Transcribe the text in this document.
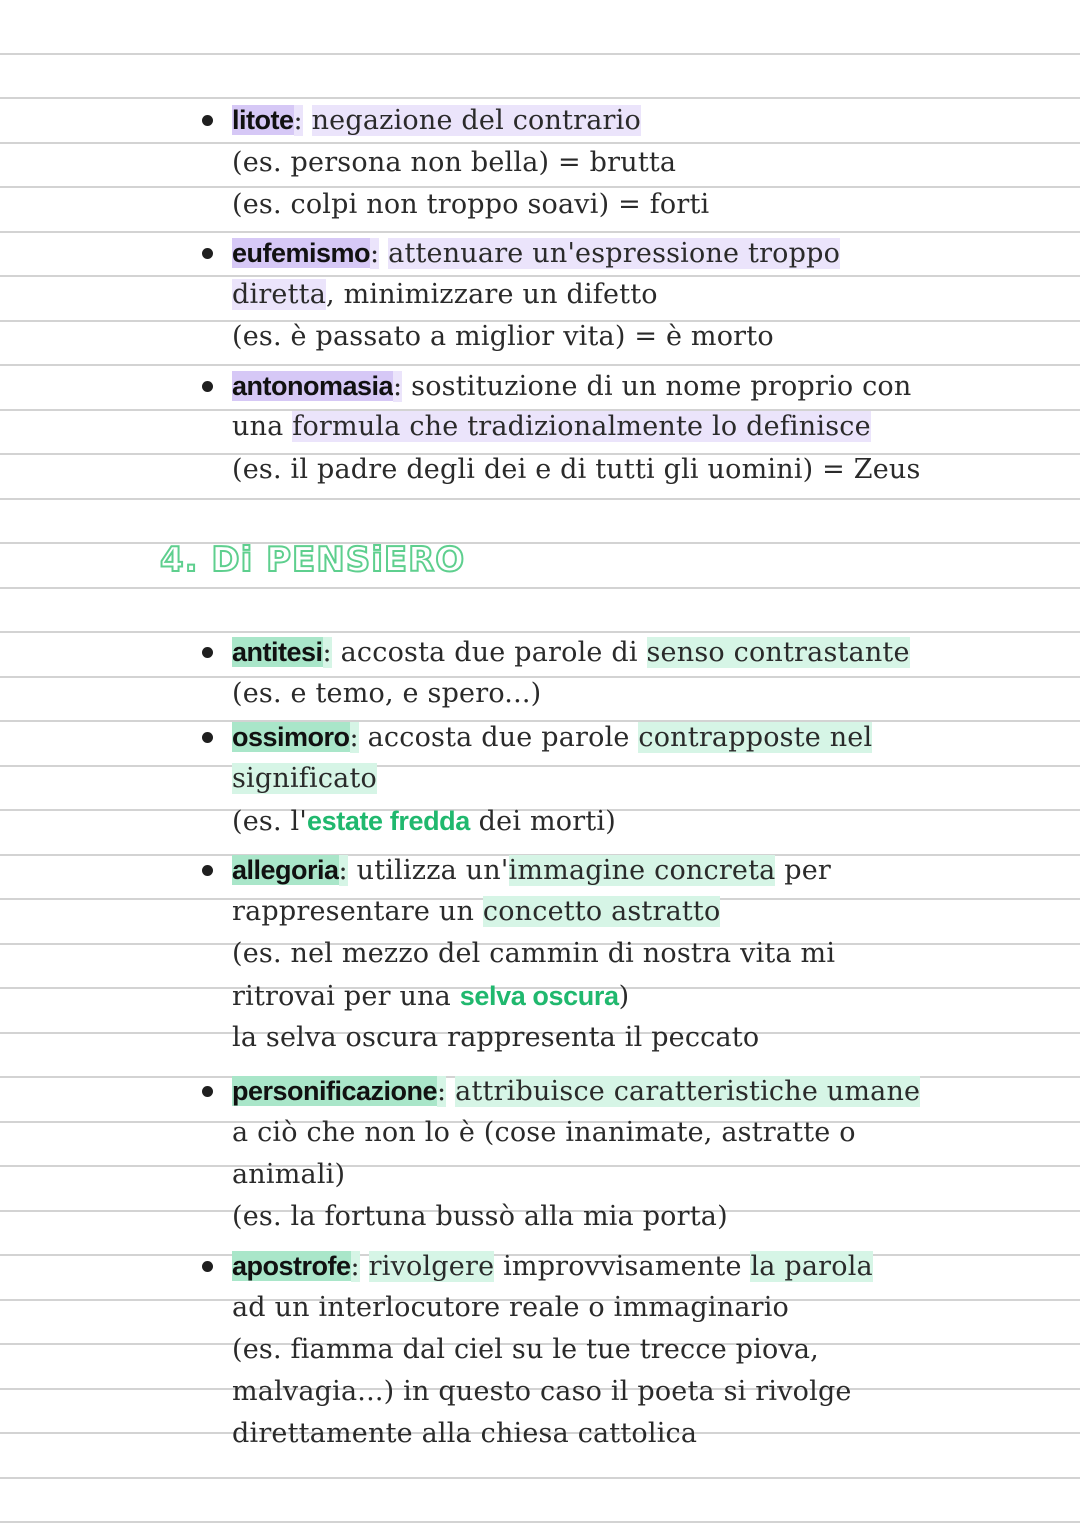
litote: negazione del contrario
(es. persona non bella) = brutta
(es. colpi non troppo soavi) = forti
eufemismo: attenuare un'espressione troppo
diretta, minimizzare un difetto
(es. è passato a miglior vita) = è morto
antonomasia: sostituzione di un nome proprio con
una formula che tradizionalmente lo definisce
(es. il padre degli dei e di tutti gli uomini) = Zeus
4. Di PENSiERO
antitesi: accosta due parole di senso contrastante
(es. e temo, e spero...)
ossimoro: accosta due parole contrapposte nel
significato
(es. l'estate fredda dei morti)
allegoria: utilizza un'immagine concreta per
rappresentare un concetto astratto
(es. nel mezzo del cammin di nostra vita mi
ritrovai per una selva oscura)
la selva oscura rappresenta il peccato
personificazione: attribuisce caratteristiche umane
a ciò che non lo è (cose inanimate, astratte o
animali)
(es. la fortuna bussò alla mia porta)
apostrofe: rivolgere improvvisamente la parola
ad un interlocutore reale o immaginario
(es. fiamma dal ciel su le tue trecce piova,
malvagia...) in questo caso il poeta si rivolge
direttamente alla chiesa cattolica
